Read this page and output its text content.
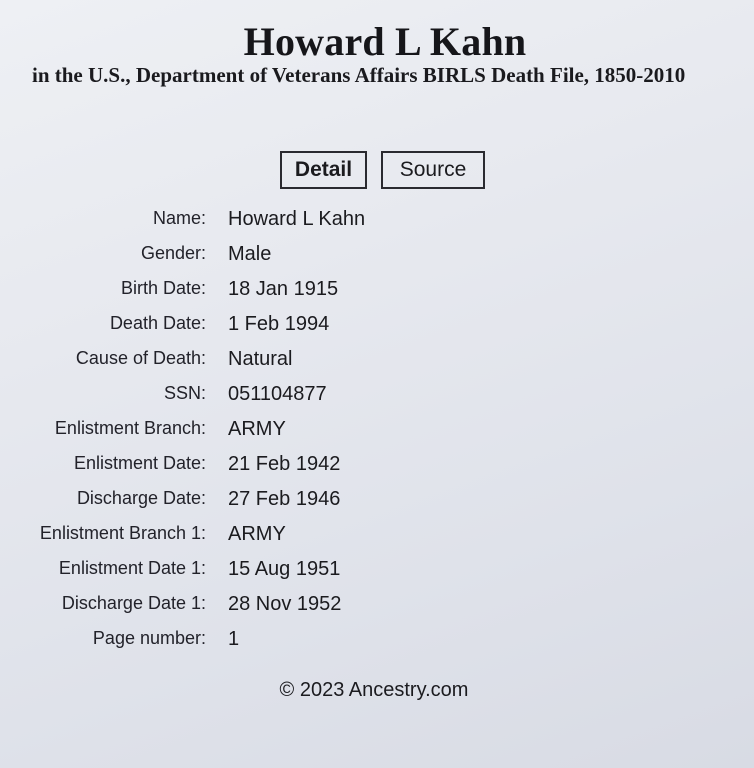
Howard L Kahn
in the U.S., Department of Veterans Affairs BIRLS Death File, 1850-2010
Detail	Source
Name: Howard L Kahn
Gender: Male
Birth Date: 18 Jan 1915
Death Date: 1 Feb 1994
Cause of Death: Natural
SSN: 051104877
Enlistment Branch: ARMY
Enlistment Date: 21 Feb 1942
Discharge Date: 27 Feb 1946
Enlistment Branch 1: ARMY
Enlistment Date 1: 15 Aug 1951
Discharge Date 1: 28 Nov 1952
Page number: 1
© 2023 Ancestry.com
